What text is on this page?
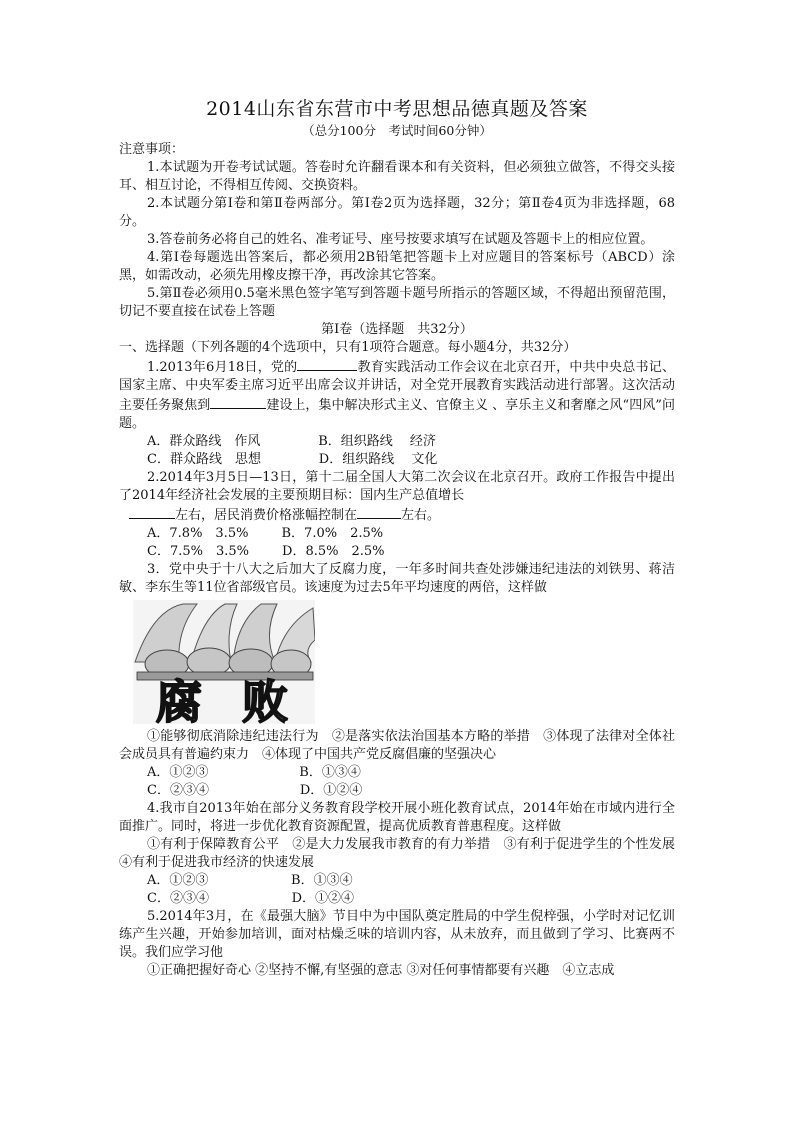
2014山东省东营市中考思想品德真题及答案

（总分100分　考试时间60分钟）

注意事项：

1.本试题为开卷考试试题。答卷时允许翻看课本和有关资料，但必须独立做答，不得交头接耳、相互讨论，不得相互传阅、交换资料。

2.本试题分第Ⅰ卷和第Ⅱ卷两部分。第Ⅰ卷2页为选择题，32分；第Ⅱ卷4页为非选择题，68分。

3.答卷前务必将自己的姓名、准考证号、座号按要求填写在试题及答题卡上的相应位置。

4.第Ⅰ卷每题选出答案后，都必须用2B铅笔把答题卡上对应题目的答案标号（ABCD）涂黑，如需改动，必须先用橡皮擦干净，再改涂其它答案。

5.第Ⅱ卷必须用0.5毫米黑色签字笔写到答题卡题号所指示的答题区域，不得超出预留范围，切记不要直接在试卷上答题

第Ⅰ卷（选择题　共32分）

一、选择题（下列各题的4个选项中，只有1项符合题意。每小题4分，共32分）

1.2013年6月18日，党的	教育实践活动工作会议在北京召开，中共中央总书记、国家主席、中央军委主席习近平出席会议并讲话，对全党开展教育实践活动进行部署。这次活动主要任务聚焦到	建设上，集中解决形式主义、官僚主义 、享乐主义和奢靡之风“四风”问题。

A．群众路线　作风              B．组织路线　 经济

C．群众路线　思想              D．组织路线　 文化

2.2014年3月5日—13日，第十二届全国人大第二次会议在北京召开。政府工作报告中提出了2014年经济社会发展的主要预期目标：国内生产总值增长
左右，居民消费价格涨幅控制在	左右。

A．7.8%　3.5%        B．7.0%　2.5%

C．7.5%　3.5%        D．8.5%　2.5%

3．党中央于十八大之后加大了反腐力度，一年多时间共查处涉嫌违纪违法的刘铁男、蒋洁敏、李东生等11位省部级官员。该速度为过去5年平均速度的两倍，这样做

腐 败

①能够彻底消除违纪违法行为　②是落实依法治国基本方略的举措　③体现了法律对全体社会成员具有普遍约束力　④体现了中国共产党反腐倡廉的坚强决心

A．①②③                      B．①③④

C．②③④                      D．①②④

4.我市自2013年始在部分义务教育段学校开展小班化教育试点，2014年始在市域内进行全面推广。同时，将进一步优化教育资源配置，提高优质教育普惠程度。这样做

①有利于保障教育公平　②是大力发展我市教育的有力举措　③有利于促进学生的个性发展 ④有利于促进我市经济的快速发展

A．①②③                    B．①③④

C．②③④                    D．①②④

5.2014年3月，在《最强大脑》节目中为中国队奠定胜局的中学生倪梓强，小学时对记忆训练产生兴趣，开始参加培训，面对枯燥乏味的培训内容，从未放弃，而且做到了学习、比赛两不误。我们应学习他

①正确把握好奇心 ②坚持不懈,有坚强的意志 ③对任何事情都要有兴趣　④立志成
